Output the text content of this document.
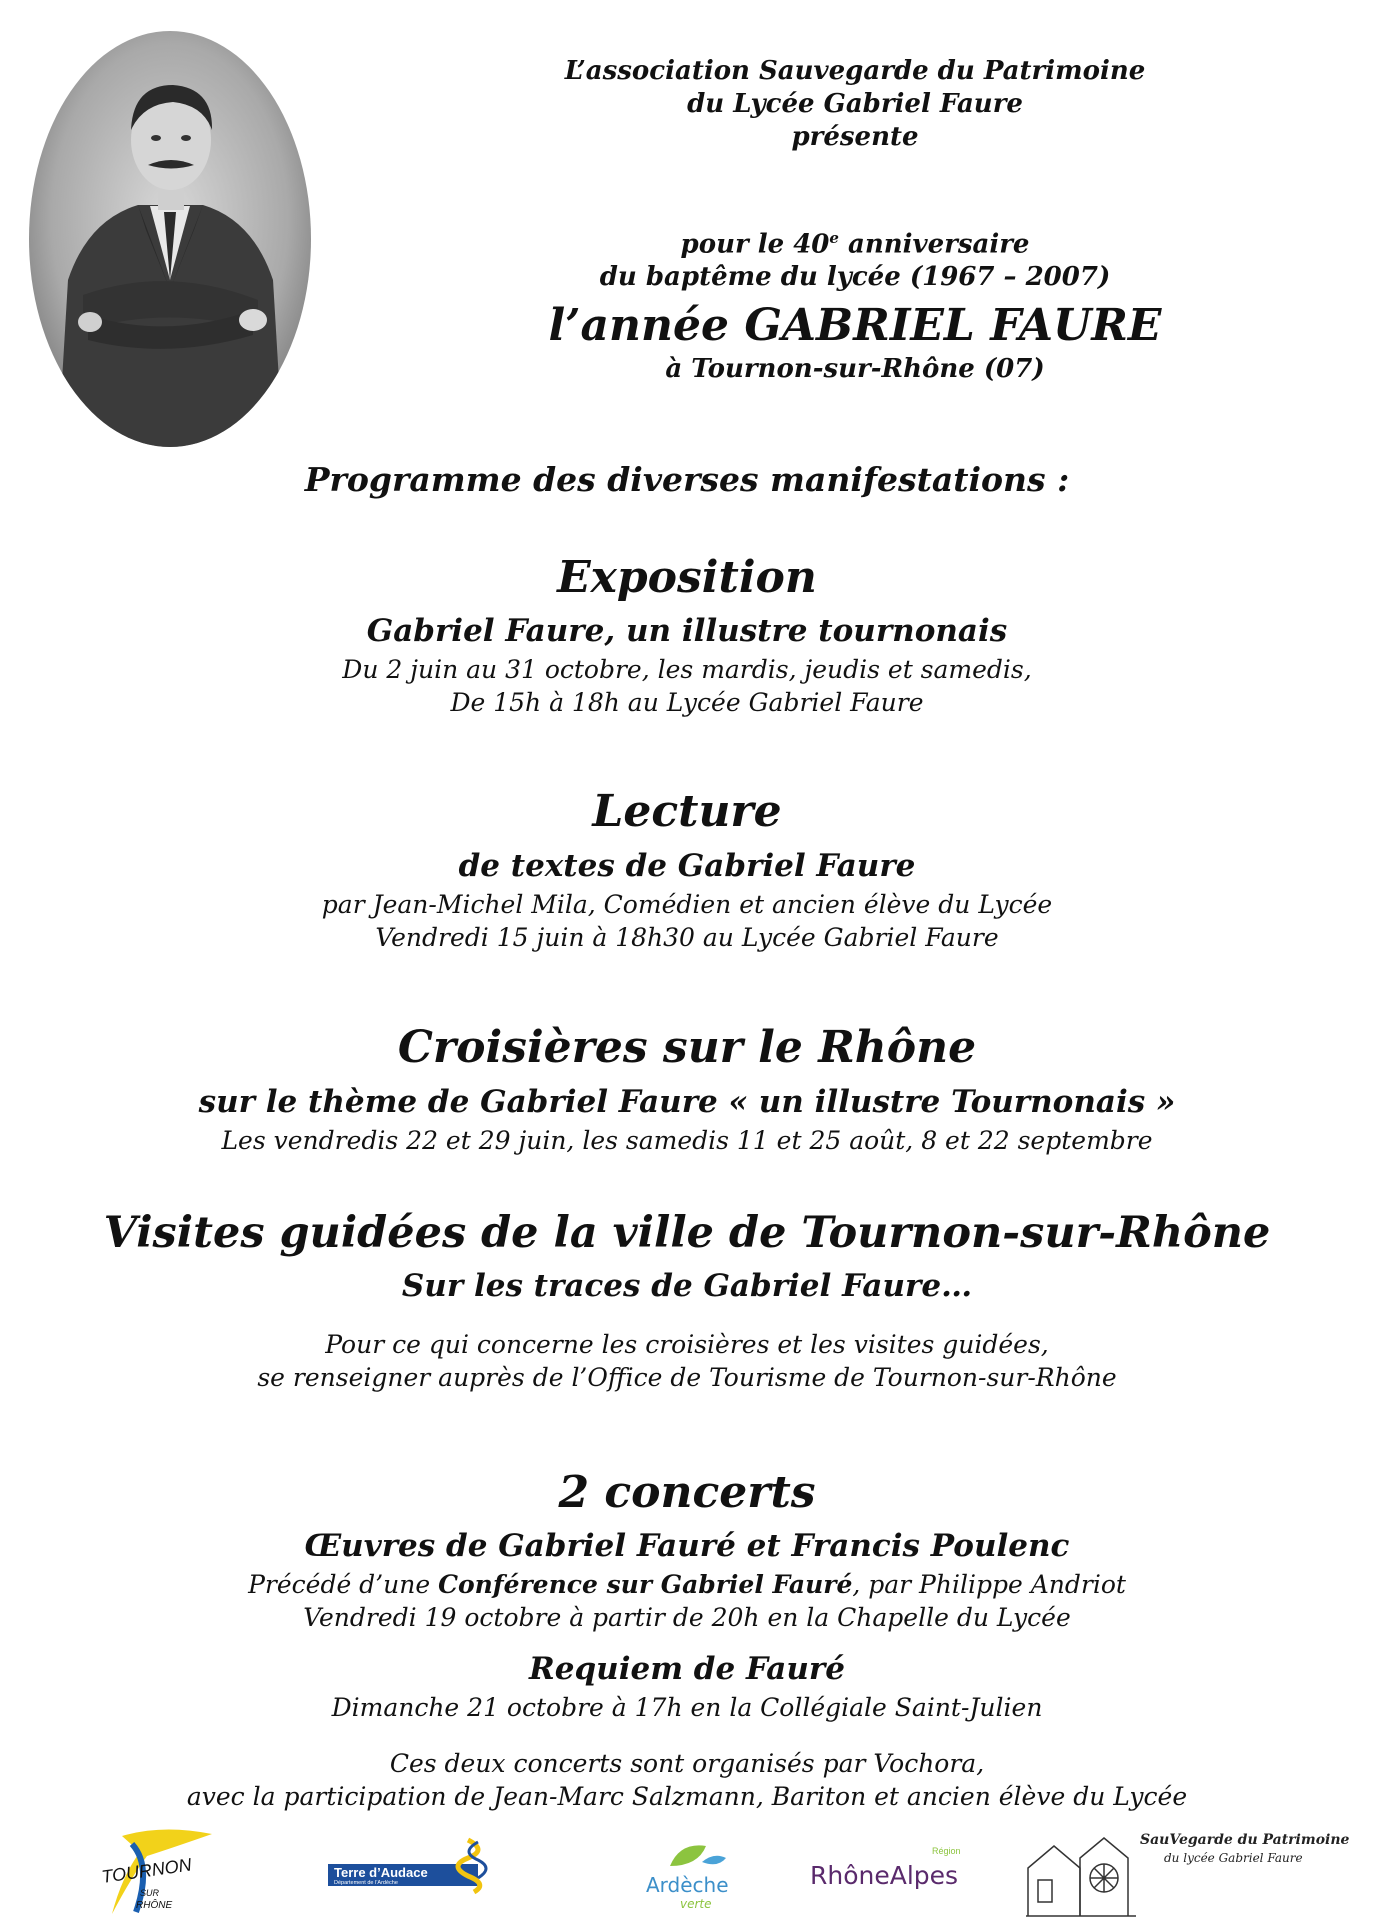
L’association Sauvegarde du Patrimoine
du Lycée Gabriel Faure
présente
pour le 40e anniversaire
du baptême du lycée (1967 – 2007)
l’année GABRIEL FAURE
à Tournon-sur-Rhône (07)
Programme des diverses manifestations :
Exposition
Gabriel Faure, un illustre tournonais
Du 2 juin au 31 octobre, les mardis, jeudis et samedis,
De 15h à 18h au Lycée Gabriel Faure
Lecture
de textes de Gabriel Faure
par Jean-Michel Mila, Comédien et ancien élève du Lycée
Vendredi 15 juin à 18h30 au Lycée Gabriel Faure
Croisières sur le Rhône
sur le thème de Gabriel Faure « un illustre Tournonais »
Les vendredis 22 et 29 juin, les samedis 11 et 25 août, 8 et 22 septembre
Visites guidées de la ville de Tournon-sur-Rhône
Sur les traces de Gabriel Faure…
Pour ce qui concerne les croisières et les visites guidées,
se renseigner auprès de l’Office de Tourisme de Tournon-sur-Rhône
2 concerts
Œuvres de Gabriel Fauré et Francis Poulenc
Précédé d’une Conférence sur Gabriel Fauré, par Philippe Andriot
Vendredi 19 octobre à partir de 20h en la Chapelle du Lycée
Requiem de Fauré
Dimanche 21 octobre à 17h en la Collégiale Saint-Julien
Ces deux concerts sont organisés par Vochora,
avec la participation de Jean-Marc Salzmann, Bariton et ancien élève du Lycée
TOURNON
SUR
RHÔNE
Terre d’Audace
Département de l’Ardèche	Ardèche
verte
Région
RhôneAlpes
SauVegarde du Patrimoine
du lycée Gabriel Faure
